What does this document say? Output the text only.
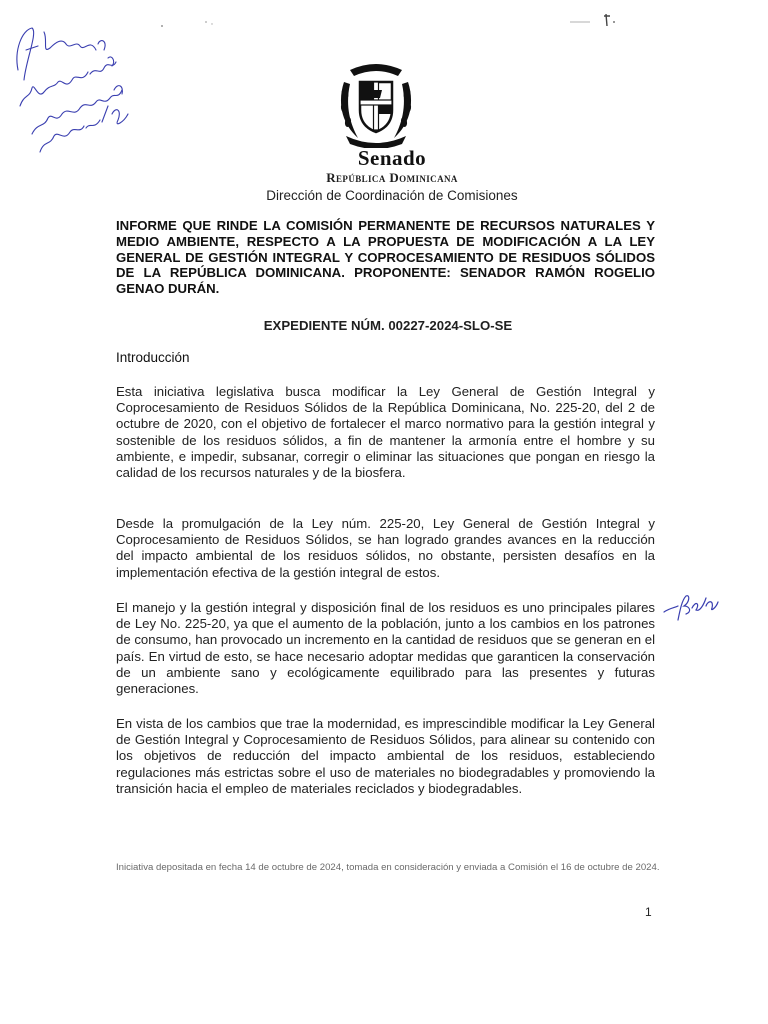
Senado
República Dominicana
Dirección de Coordinación de Comisiones
INFORME QUE RINDE LA COMISIÓN PERMANENTE DE RECURSOS NATURALES Y MEDIO AMBIENTE, RESPECTO A LA PROPUESTA DE MODIFICACIÓN A LA LEY GENERAL DE GESTIÓN INTEGRAL Y COPROCESAMIENTO DE RESIDUOS SÓLIDOS DE LA REPÚBLICA DOMINICANA. PROPONENTE: SENADOR RAMÓN ROGELIO GENAO DURÁN.
EXPEDIENTE NÚM. 00227-2024-SLO-SE
Introducción
Esta iniciativa legislativa busca modificar la Ley General de Gestión Integral y Coprocesamiento de Residuos Sólidos de la República Dominicana, No. 225-20, del 2 de octubre de 2020, con el objetivo de fortalecer el marco normativo para la gestión integral y sostenible de los residuos sólidos, a fin de mantener la armonía entre el hombre y su ambiente, e impedir, subsanar, corregir o eliminar las situaciones que pongan en riesgo la calidad de los recursos naturales y de la biosfera.
Desde la promulgación de la Ley núm. 225-20, Ley General de Gestión Integral y Coprocesamiento de Residuos Sólidos, se han logrado grandes avances en la reducción del impacto ambiental de los residuos sólidos, no obstante, persisten desafíos en la implementación efectiva de la gestión integral de estos.
El manejo y la gestión integral y disposición final de los residuos es uno principales pilares de Ley No. 225-20, ya que el aumento de la población, junto a los cambios en los patrones de consumo, han provocado un incremento en la cantidad de residuos que se generan en el país. En virtud de esto, se hace necesario adoptar medidas que garanticen la conservación de un ambiente sano y ecológicamente equilibrado para las presentes y futuras generaciones.
En vista de los cambios que trae la modernidad, es imprescindible modificar la Ley General de Gestión Integral y Coprocesamiento de Residuos Sólidos, para alinear su contenido con los objetivos de reducción del impacto ambiental de los residuos, estableciendo regulaciones más estrictas sobre el uso de materiales no biodegradables y promoviendo la transición hacia el empleo de materiales reciclados y biodegradables.
Iniciativa depositada en fecha 14 de octubre de 2024, tomada en consideración y enviada a Comisión el 16 de octubre de 2024.
1
